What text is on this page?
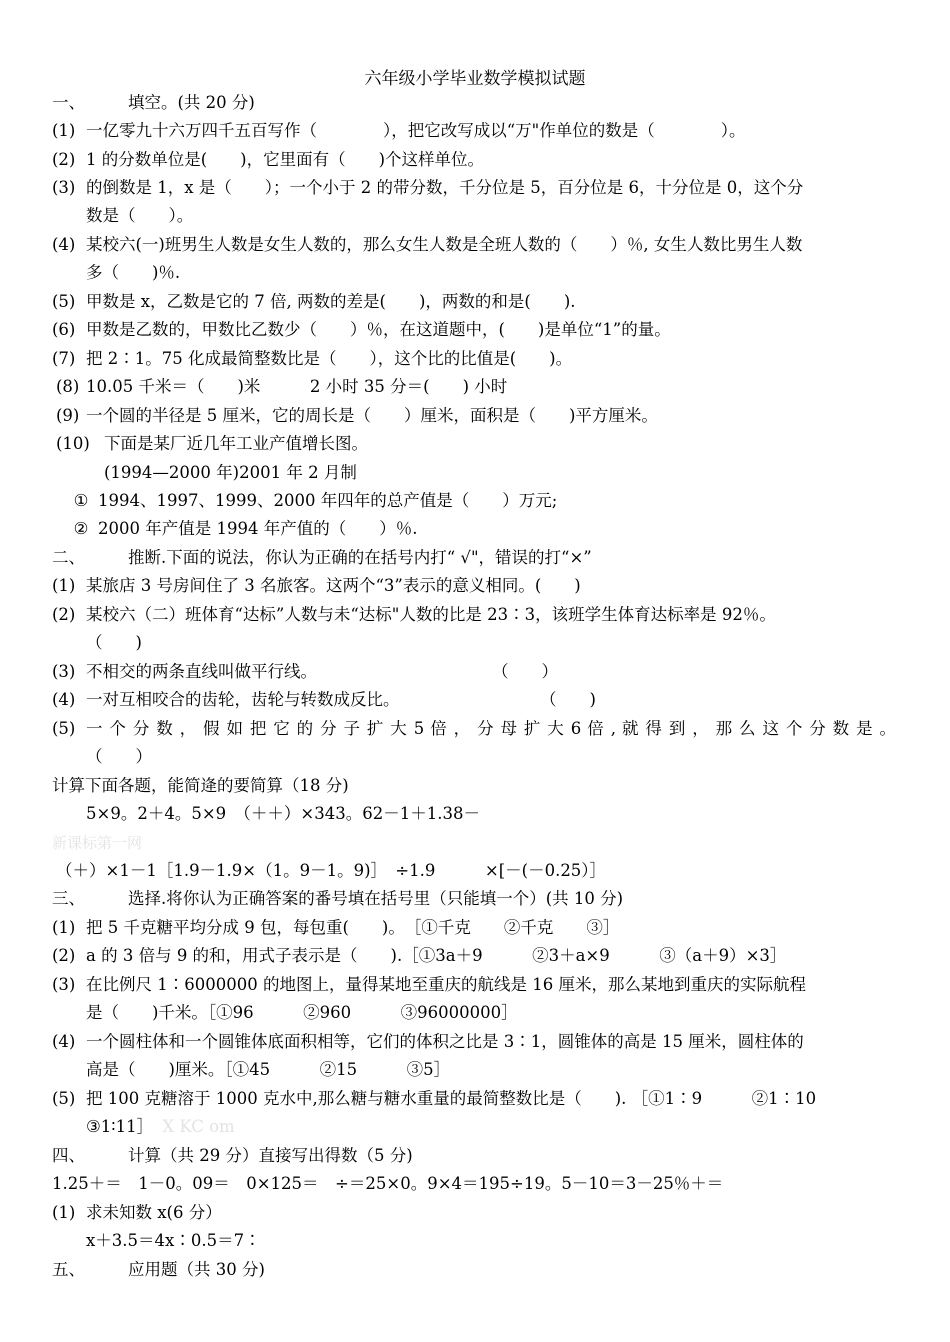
六年级小学毕业数学模拟试题
一、	填空。(共 20 分)
(1) 一亿零九十六万四千五百写作（　　　　），把它改写成以“万"作单位的数是（　　　　）。
(2) 1 的分数单位是(　　)，它里面有（　　)个这样单位。
(3) 的倒数是 1，x 是（　　）；一个小于 2 的带分数，千分位是 5，百分位是 6，十分位是 0，这个分
数是（　　）。
(4) 某校六(一)班男生人数是女生人数的，那么女生人数是全班人数的（　　）％, 女生人数比男生人数
多（　　)％.
(5) 甲数是 x，乙数是它的 7 倍, 两数的差是(　　)，两数的和是(　　).
(6) 甲数是乙数的，甲数比乙数少（　　）％，在这道题中，(　　)是单位“1”的量。
(7) 把 2∶1。75 化成最简整数比是（　　），这个比的比值是(　　)。
(8) 10.05 千米＝（　　)米　　　2 小时 35 分＝(　　) 小时
(9) 一个圆的半径是 5 厘米，它的周长是（　　）厘米，面积是（　　)平方厘米。
(10) 下面是某厂近几年工业产值增长图。
(1994—2000 年)2001 年 2 月制
① 1994、1997、1999、2000 年四年的总产值是（　　）万元;
② 2000 年产值是 1994 年产值的（　　）％.
二、	推断.下面的说法，你认为正确的在括号内打“ √"，错误的打“×”
(1) 某旅店 3 号房间住了 3 名旅客。这两个“3”表示的意义相同。(　　)
(2) 某校六（二）班体育“达标”人数与未“达标"人数的比是 23∶3，该班学生体育达标率是 92％。
（　　)
(3) 不相交的两条直线叫做平行线。	（　　）
(4) 一对互相咬合的齿轮，齿轮与转数成反比。	（　　)
(5) 一 个 分 数 ， 假 如 把 它 的 分 子 扩 大 5 倍 ， 分 母 扩 大 6 倍 , 就 得 到 ， 那 么 这 个 分 数 是 。
（　　）
计算下面各题，能简逄的要简算（18 分)
5×9。2＋4。5×9　（＋＋）×343。62－1＋1.38－
新课标第一网
（＋）×1－1［1.9－1.9×（1。9－1。9)］　÷1.9　　　×[－(－0.25）］
三、	选择.将你认为正确答案的番号填在括号里（只能填一个）(共 10 分)
(1) 把 5 千克糖平均分成 9 包，每包重(　　)。　［①千克　　②千克　　③］
(2) a 的 3 倍与 9 的和，用式子表示是（　　).［①3a＋9　　　②3＋a×9　　　③（a＋9）×3］
(3) 在比例尺 1∶6000000 的地图上，量得某地至重庆的航线是 16 厘米，那么某地到重庆的实际航程
是（　　)千米。［①96　　　②960　　　③96000000］
(4) 一个圆柱体和一个圆锥体底面积相等，它们的体积之比是 3∶1，圆锥体的高是 15 厘米，圆柱体的
高是（　　)厘米。［①45　　　②15　　　③5］
(5) 把 100 克糖溶于 1000 克水中,那么糖与糖水重量的最简整数比是（　　). ［①1∶9　　　②1∶10
③1∶11］ X KC om
四、	计算（共 29 分）直接写出得数（5 分)
1.25＋＝　1－0。09＝　0×125＝　÷＝25×0。9×4＝195÷19。5－10＝3－25％＋＝
(1) 求未知数 x(6 分）
x＋3.5＝4x∶0.5＝7∶
五、	应用题（共 30 分)
